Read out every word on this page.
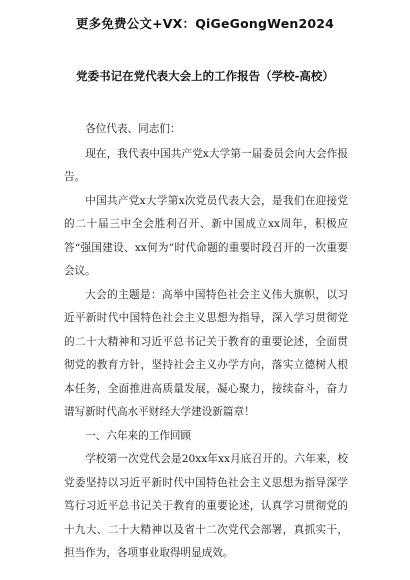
更多免费公文+VX：QiGeGongWen2024
党委书记在党代表大会上的工作报告（学校-高校）

各位代表、同志们：

现在，我代表中国共产党x大学第一届委员会向大会作报告。

中国共产党x大学第x次党员代表大会，是我们在迎接党的二十届三中全会胜利召开、新中国成立xx周年，积极应答“强国建设、xx何为”时代命题的重要时段召开的一次重要会议。

大会的主题是：高举中国特色社会主义伟大旗帜，以习近平新时代中国特色社会主义思想为指导，深入学习贯彻党的二十大精神和习近平总书记关于教育的重要论述，全面贯彻党的教育方针，坚持社会主义办学方向，落实立德树人根本任务，全面推进高质量发展，凝心聚力，接续奋斗，奋力谱写新时代高水平财经大学建设新篇章！

一、六年来的工作回顾

学校第一次党代会是20xx年xx月底召开的。六年来，校党委坚持以习近平新时代中国特色社会主义思想为指导深学笃行习近平总书记关于教育的重要论述，认真学习贯彻党的十九大、二十大精神以及省十二次党代会部署，真抓实干，担当作为，各项事业取得明显成效。
